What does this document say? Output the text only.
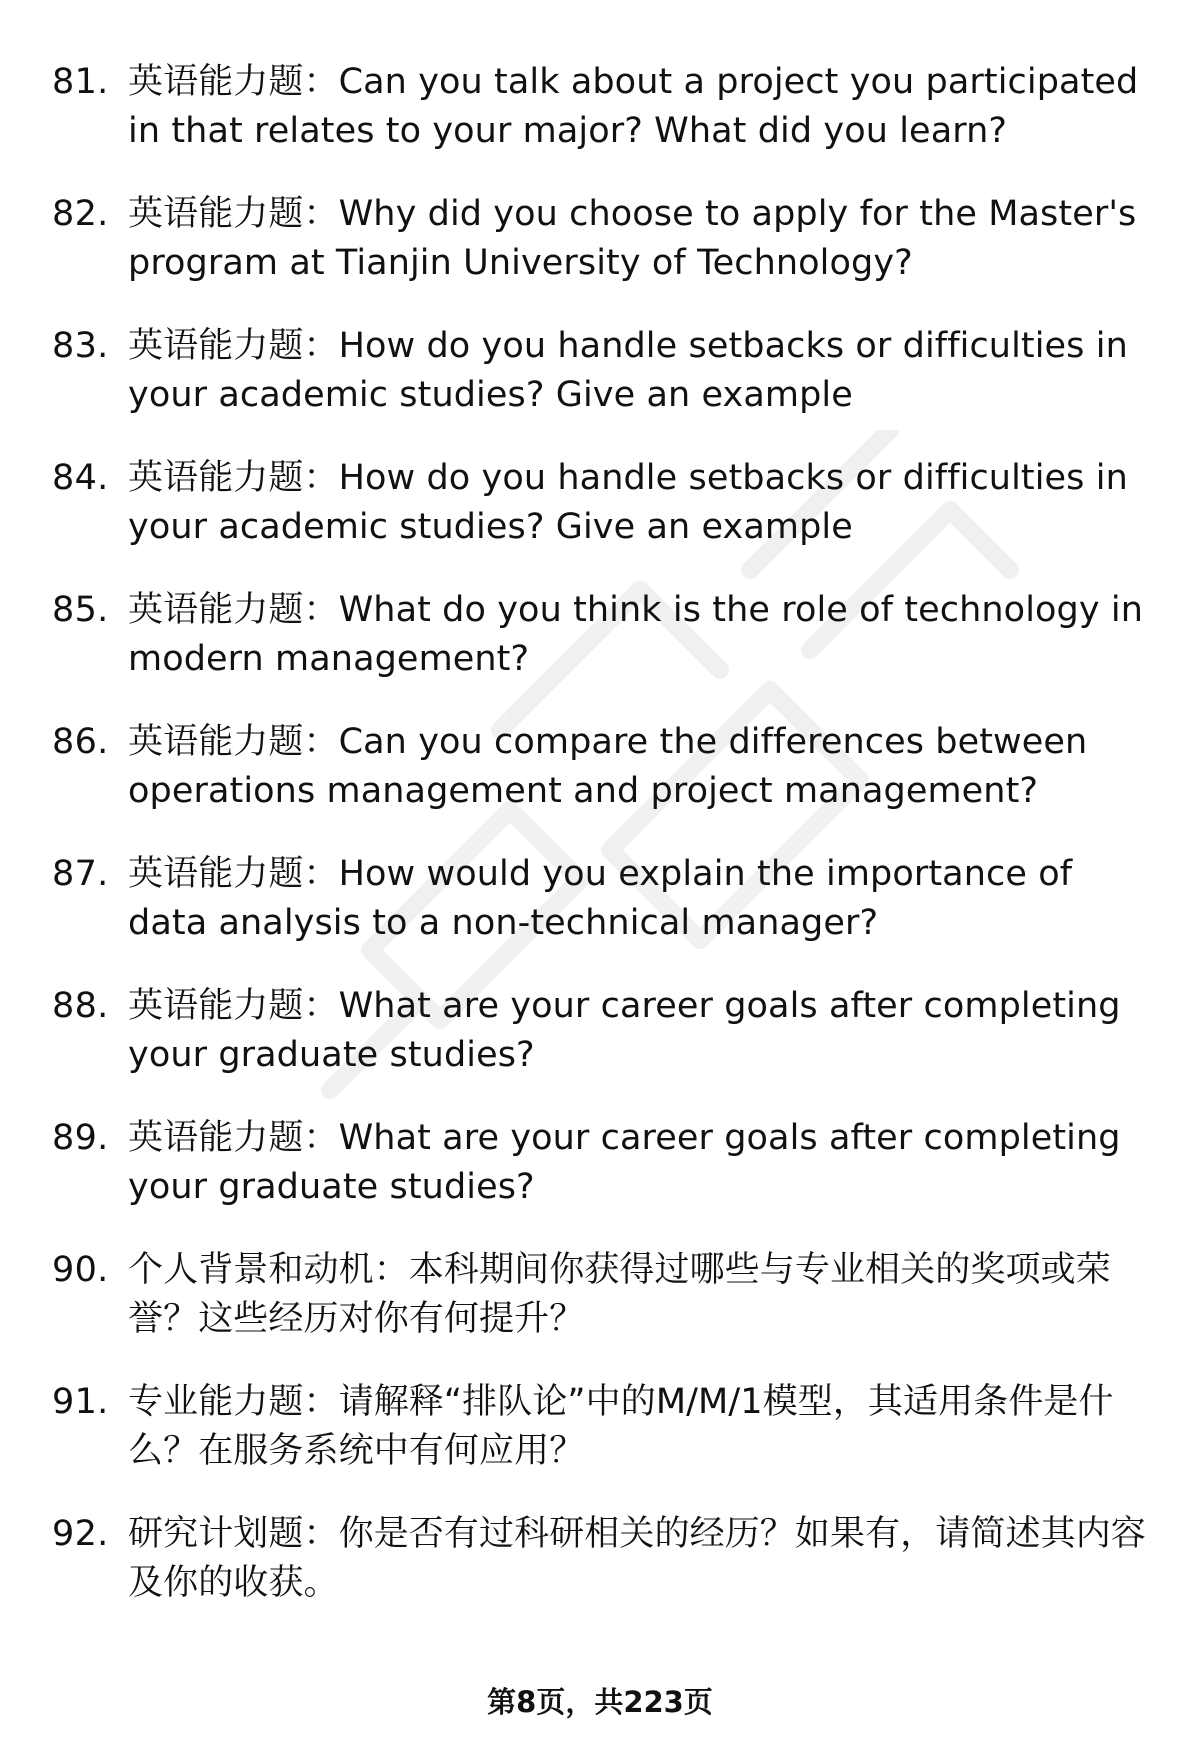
81. 英语能力题：Can you talk about a project you participated in that relates to your major? What did you learn?
82. 英语能力题：Why did you choose to apply for the Master's program at Tianjin University of Technology?
83. 英语能力题：How do you handle setbacks or difficulties in your academic studies? Give an example
84. 英语能力题：How do you handle setbacks or difficulties in your academic studies? Give an example
85. 英语能力题：What do you think is the role of technology in modern management?
86. 英语能力题：Can you compare the differences between operations management and project management?
87. 英语能力题：How would you explain the importance of data analysis to a non-technical manager?
88. 英语能力题：What are your career goals after completing your graduate studies?
89. 英语能力题：What are your career goals after completing your graduate studies?
90. 个人背景和动机：本科期间你获得过哪些与专业相关的奖项或荣誉？这些经历对你有何提升？
91. 专业能力题：请解释“排队论”中的M/M/1模型，其适用条件是什么？在服务系统中有何应用？
92. 研究计划题：你是否有过科研相关的经历？如果有，请简述其内容及你的收获。
第8页，共223页
